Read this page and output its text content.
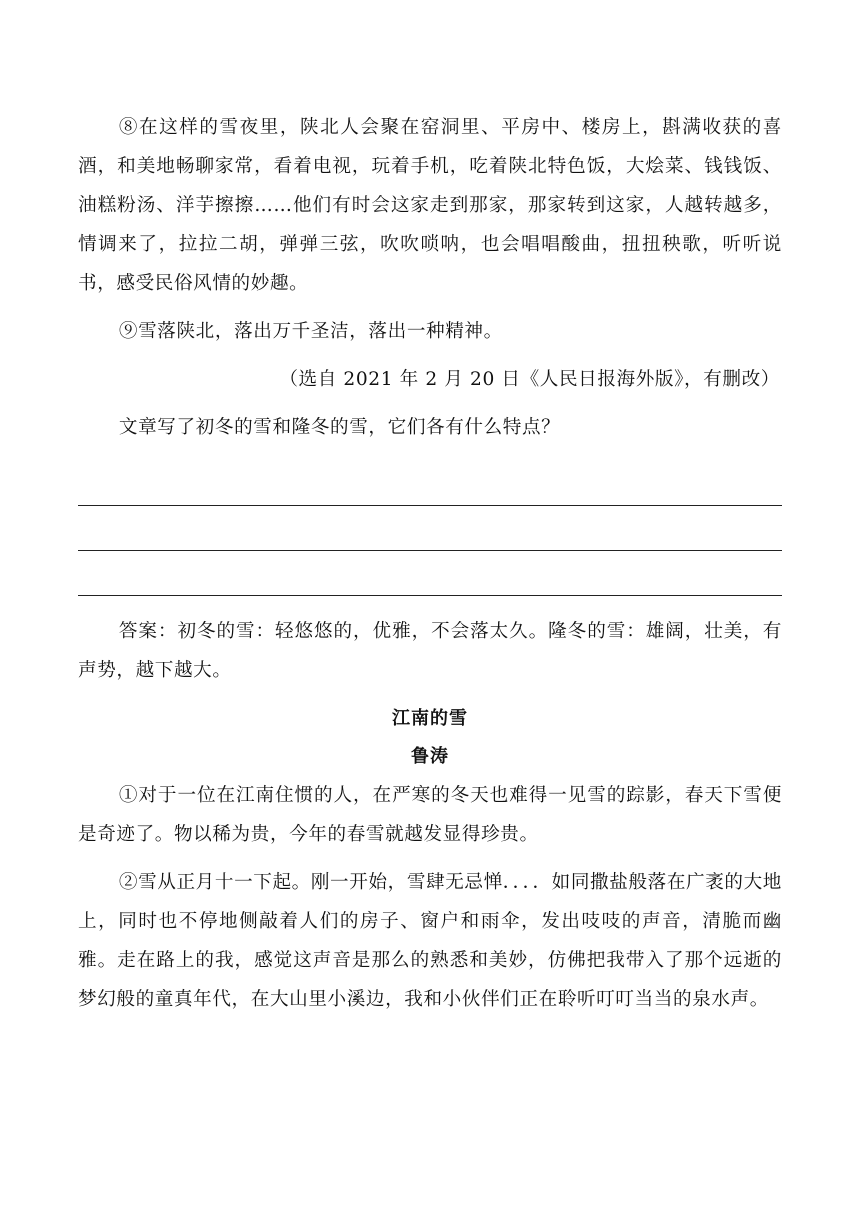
⑧在这样的雪夜里，陕北人会聚在窑洞里、平房中、楼房上，斟满收获的喜酒，和美地畅聊家常，看着电视，玩着手机，吃着陕北特色饭，大烩菜、钱钱饭、油糕粉汤、洋芋擦擦……他们有时会这家走到那家，那家转到这家，人越转越多，情调来了，拉拉二胡，弹弹三弦，吹吹唢呐，也会唱唱酸曲，扭扭秧歌，听听说书，感受民俗风情的妙趣。

⑨雪落陕北，落出万千圣洁，落出一种精神。

（选自 2021 年 2 月 20 日《人民日报海外版》，有删改）

文章写了初冬的雪和隆冬的雪，它们各有什么特点？

答案：初冬的雪：轻悠悠的，优雅，不会落太久。隆冬的雪：雄阔，壮美，有声势，越下越大。

江南的雪
鲁涛

①对于一位在江南住惯的人，在严寒的冬天也难得一见雪的踪影，春天下雪便是奇迹了。物以稀为贵，今年的春雪就越发显得珍贵。

②雪从正月十一下起。刚一开始，雪肆无忌惮．．．．如同撒盐般落在广袤的大地上，同时也不停地侧敲着人们的房子、窗户和雨伞，发出吱吱的声音，清脆而幽雅。走在路上的我，感觉这声音是那么的熟悉和美妙，仿佛把我带入了那个远逝的梦幻般的童真年代，在大山里小溪边，我和小伙伴们正在聆听叮叮当当的泉水声。
